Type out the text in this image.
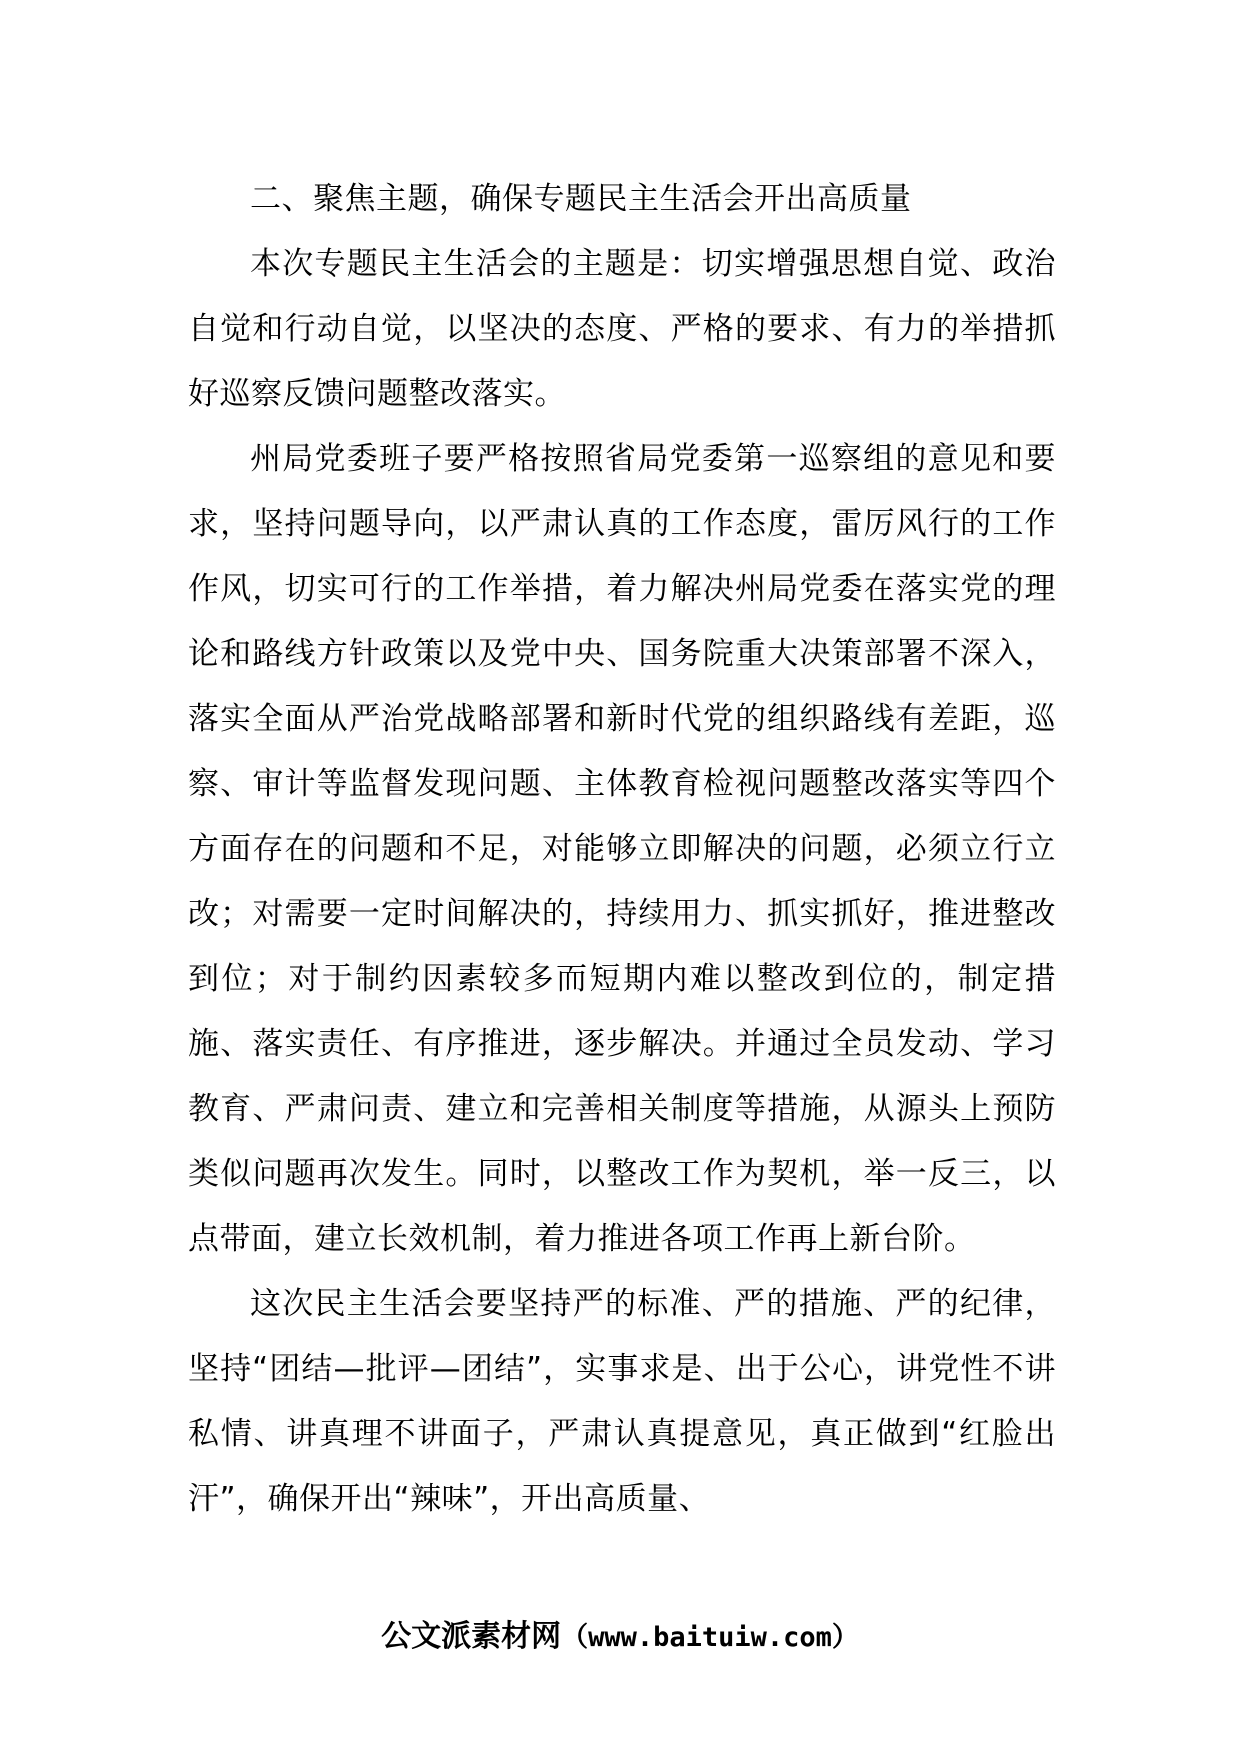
二、聚焦主题，确保专题民主生活会开出高质量

本次专题民主生活会的主题是：切实增强思想自觉、政治自觉和行动自觉，以坚决的态度、严格的要求、有力的举措抓好巡察反馈问题整改落实。

州局党委班子要严格按照省局党委第一巡察组的意见和要求，坚持问题导向，以严肃认真的工作态度，雷厉风行的工作作风，切实可行的工作举措，着力解决州局党委在落实党的理论和路线方针政策以及党中央、国务院重大决策部署不深入，落实全面从严治党战略部署和新时代党的组织路线有差距，巡察、审计等监督发现问题、主体教育检视问题整改落实等四个方面存在的问题和不足，对能够立即解决的问题，必须立行立改；对需要一定时间解决的，持续用力、抓实抓好，推进整改到位；对于制约因素较多而短期内难以整改到位的，制定措施、落实责任、有序推进，逐步解决。并通过全员发动、学习教育、严肃问责、建立和完善相关制度等措施，从源头上预防类似问题再次发生。同时，以整改工作为契机，举一反三，以点带面，建立长效机制，着力推进各项工作再上新台阶。

这次民主生活会要坚持严的标准、严的措施、严的纪律，坚持“团结—批评—团结”，实事求是、出于公心，讲党性不讲私情、讲真理不讲面子，严肃认真提意见，真正做到“红脸出汗”，确保开出“辣味”，开出高质量、

公文派素材网（www.baituiw.com）
